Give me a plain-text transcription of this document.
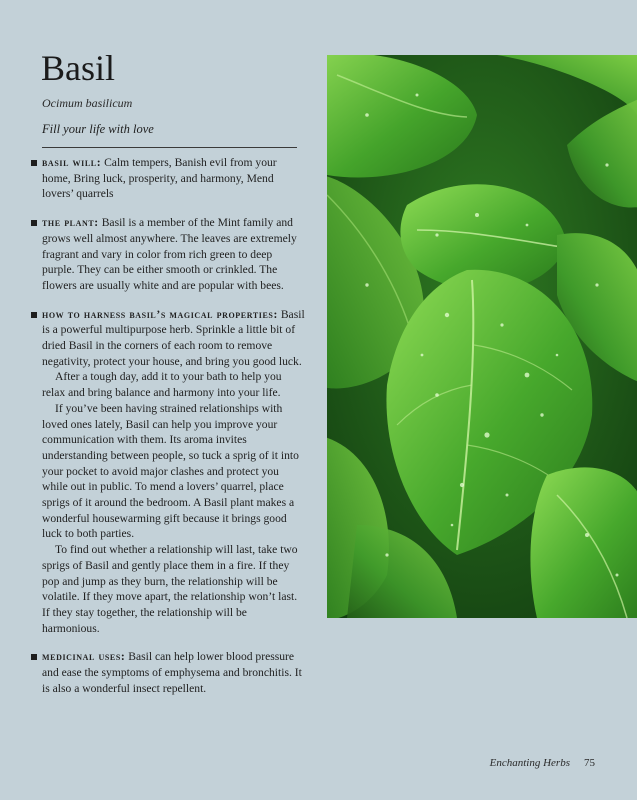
Basil
Ocimum basilicum
Fill your life with love

basil will: Calm tempers, Banish evil from your home, Bring luck, prosperity, and harmony, Mend lovers’ quarrels

the plant: Basil is a member of the Mint family and grows well almost anywhere. The leaves are extremely fragrant and vary in color from rich green to deep purple. They can be either smooth or crinkled. The flowers are usually white and are popular with bees.

how to harness basil’s magical properties: Basil is a powerful multipurpose herb. Sprinkle a little bit of dried Basil in the corners of each room to remove negativity, protect your house, and bring you good luck.

After a tough day, add it to your bath to help you relax and bring balance and harmony into your life.

If you’ve been having strained relationships with loved ones lately, Basil can help you improve your communication with them. Its aroma invites understanding between people, so tuck a sprig of it into your pocket to avoid major clashes and protect you while out in public. To mend a lovers’ quarrel, place sprigs of it around the bedroom. A Basil plant makes a wonderful housewarming gift because it brings good luck to both parties.

To find out whether a relationship will last, take two sprigs of Basil and gently place them in a fire. If they pop and jump as they burn, the relationship will be volatile. If they move apart, the relationship won’t last. If they stay together, the relationship will be harmonious.

medicinal uses: Basil can help lower blood pressure and ease the symptoms of emphysema and bronchitis. It is also a wonderful insect repellent.

Enchanting Herbs 75
